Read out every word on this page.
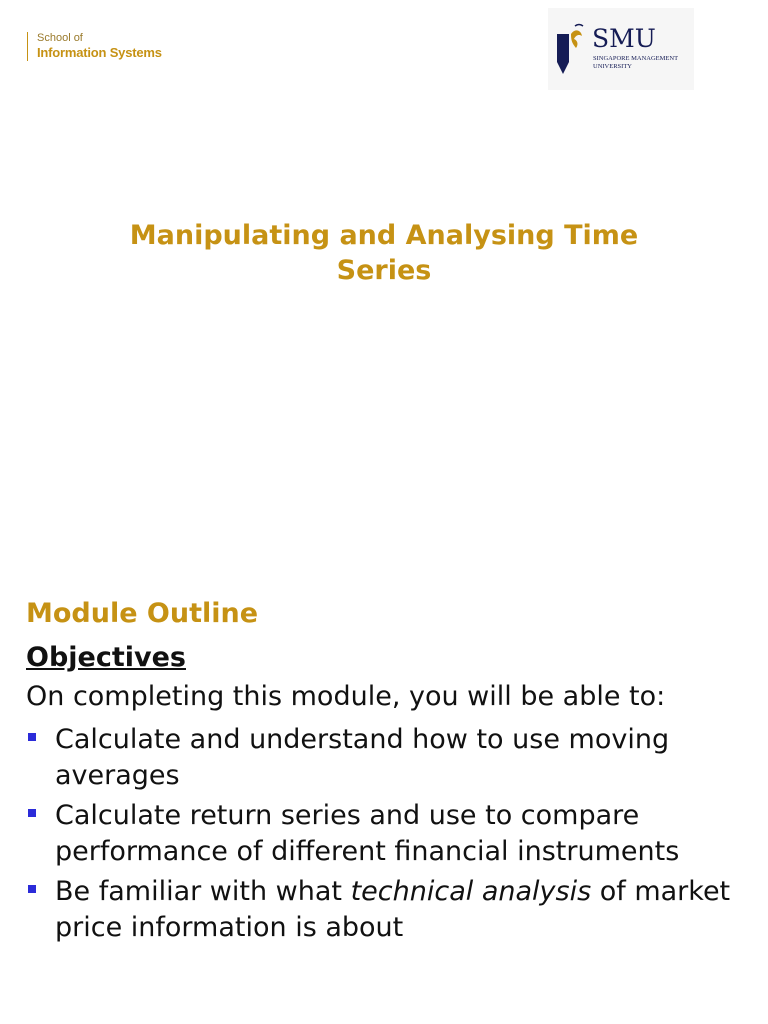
School of
Information Systems	SMU
SINGAPORE MANAGEMENT
UNIVERSITY
Manipulating and Analysing Time
Series
Module Outline
Objectives
On completing this module, you will be able to:
Calculate and understand how to use moving averages
Calculate return series and use to compare performance of different financial instruments
Be familiar with what technical analysis of market price information is about
